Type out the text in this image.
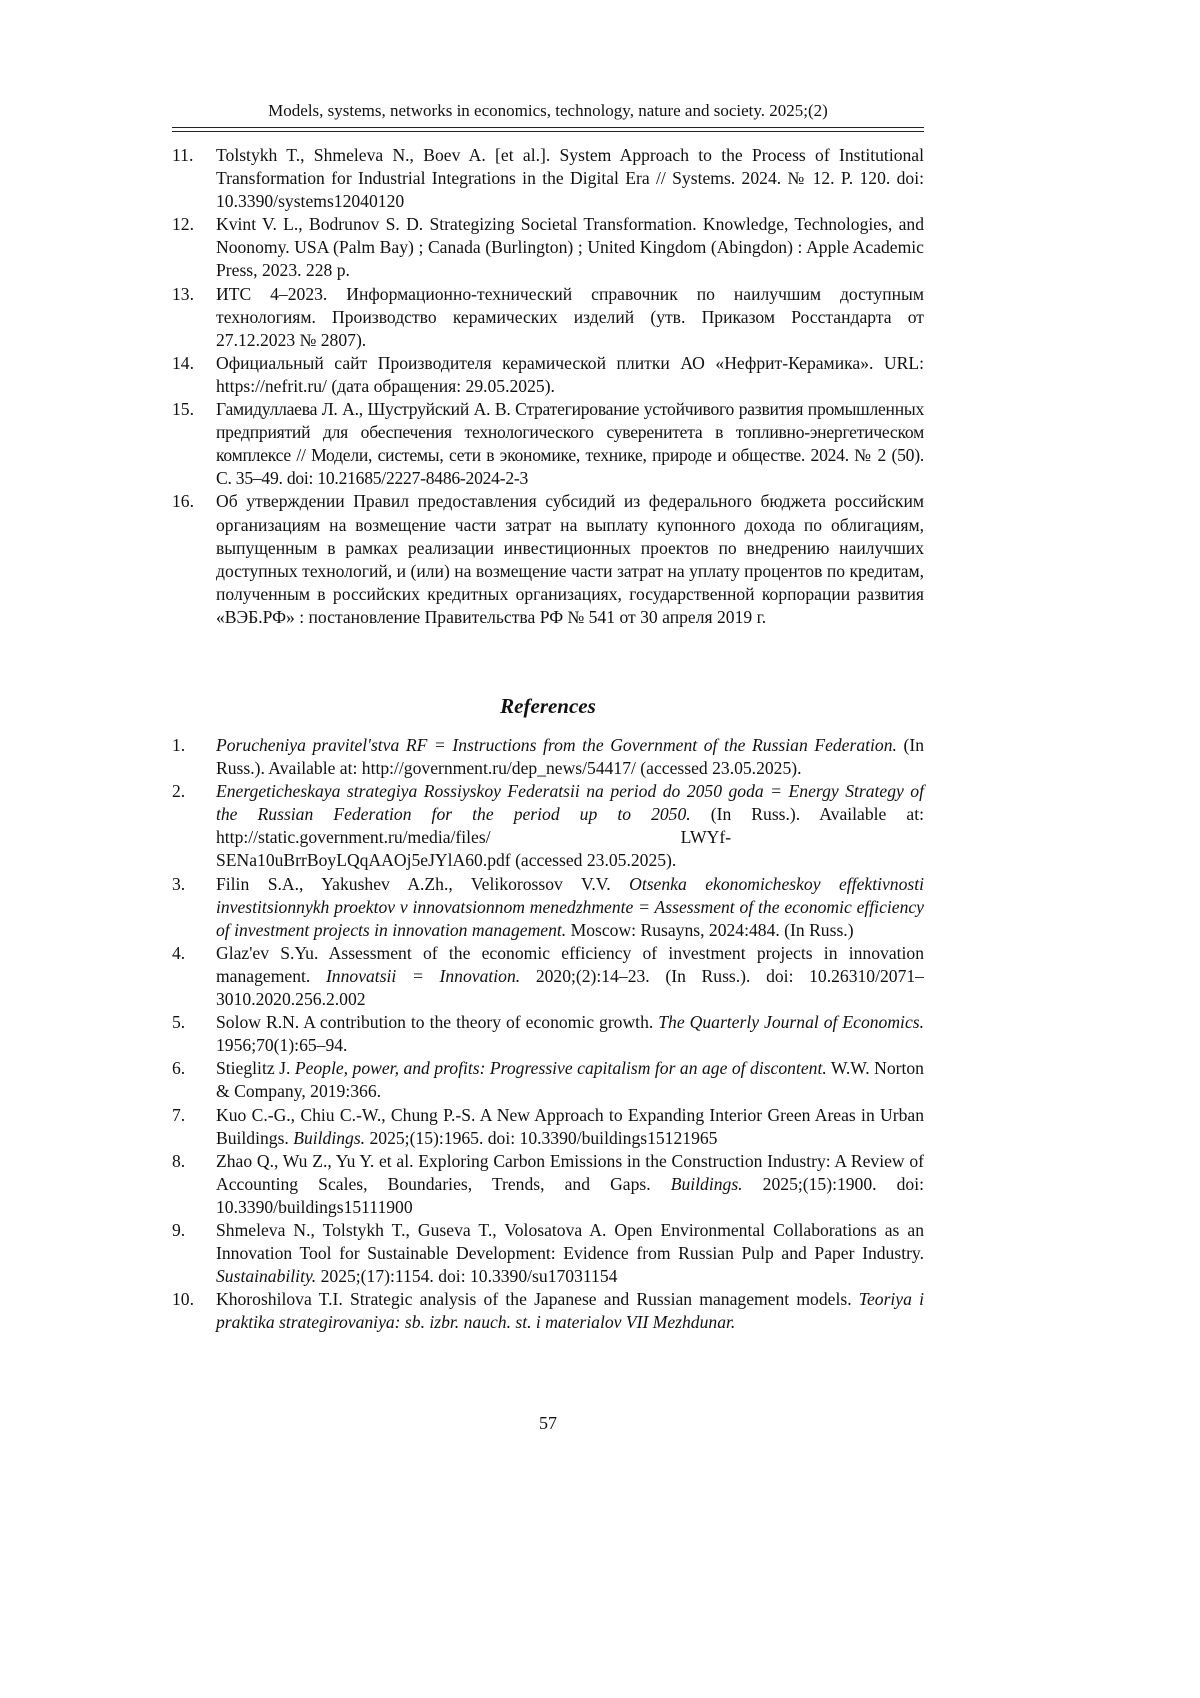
Models, systems, networks in economics, technology, nature and society. 2025;(2)
11. Tolstykh T., Shmeleva N., Boev A. [et al.]. System Approach to the Process of Institutional Transformation for Industrial Integrations in the Digital Era // Systems. 2024. № 12. P. 120. doi: 10.3390/systems12040120
12. Kvint V. L., Bodrunov S. D. Strategizing Societal Transformation. Knowledge, Technologies, and Noonomy. USA (Palm Bay) ; Canada (Burlington) ; United Kingdom (Abingdon) : Apple Academic Press, 2023. 228 p.
13. ИТС 4–2023. Информационно-технический справочник по наилучшим доступным технологиям. Производство керамических изделий (утв. Приказом Росстандарта от 27.12.2023 № 2807).
14. Официальный сайт Производителя керамической плитки АО «Нефрит-Керамика». URL: https://nefrit.ru/ (дата обращения: 29.05.2025).
15. Гамидуллаева Л. А., Шуструйский А. В. Стратегирование устойчивого развития промышленных предприятий для обеспечения технологического суверенитета в топливно-энергетическом комплексе // Модели, системы, сети в экономике, технике, природе и обществе. 2024. № 2 (50). С. 35–49. doi: 10.21685/2227-8486-2024-2-3
16. Об утверждении Правил предоставления субсидий из федерального бюджета российским организациям на возмещение части затрат на выплату купонного дохода по облигациям, выпущенным в рамках реализации инвестиционных проектов по внедрению наилучших доступных технологий, и (или) на возмещение части затрат на уплату процентов по кредитам, полученным в российских кредитных организациях, государственной корпорации развития «ВЭБ.РФ» : постановление Правительства РФ № 541 от 30 апреля 2019 г.
References
1. Porucheniya pravitel'stva RF = Instructions from the Government of the Russian Federation. (In Russ.). Available at: http://government.ru/dep_news/54417/ (accessed 23.05.2025).
2. Energeticheskaya strategiya Rossiyskoy Federatsii na period do 2050 goda = Energy Strategy of the Russian Federation for the period up to 2050. (In Russ.). Available at: http://static.government.ru/media/files/	LWYf-SENa10uBrrBoyLQqAAOj5eJYlA60.pdf (accessed 23.05.2025).
3. Filin S.A., Yakushev A.Zh., Velikorossov V.V. Otsenka ekonomicheskoy effektivnosti investitsionnykh proektov v innovatsionnom menedzhmente = Assessment of the economic efficiency of investment projects in innovation management. Moscow: Rusayns, 2024:484. (In Russ.)
4. Glaz'ev S.Yu. Assessment of the economic efficiency of investment projects in innovation management. Innovatsii = Innovation. 2020;(2):14–23. (In Russ.). doi: 10.26310/2071–3010.2020.256.2.002
5. Solow R.N. A contribution to the theory of economic growth. The Quarterly Journal of Economics. 1956;70(1):65–94.
6. Stieglitz J. People, power, and profits: Progressive capitalism for an age of discontent. W.W. Norton & Company, 2019:366.
7. Kuo C.-G., Chiu C.-W., Chung P.-S. A New Approach to Expanding Interior Green Areas in Urban Buildings. Buildings. 2025;(15):1965. doi: 10.3390/buildings15121965
8. Zhao Q., Wu Z., Yu Y. et al. Exploring Carbon Emissions in the Construction Industry: A Review of Accounting Scales, Boundaries, Trends, and Gaps. Buildings. 2025;(15):1900. doi: 10.3390/buildings15111900
9. Shmeleva N., Tolstykh T., Guseva T., Volosatova A. Open Environmental Collaborations as an Innovation Tool for Sustainable Development: Evidence from Russian Pulp and Paper Industry. Sustainability. 2025;(17):1154. doi: 10.3390/su17031154
10. Khoroshilova T.I. Strategic analysis of the Japanese and Russian management models. Teoriya i praktika strategirovaniya: sb. izbr. nauch. st. i materialov VII Mezhdunar.
57
